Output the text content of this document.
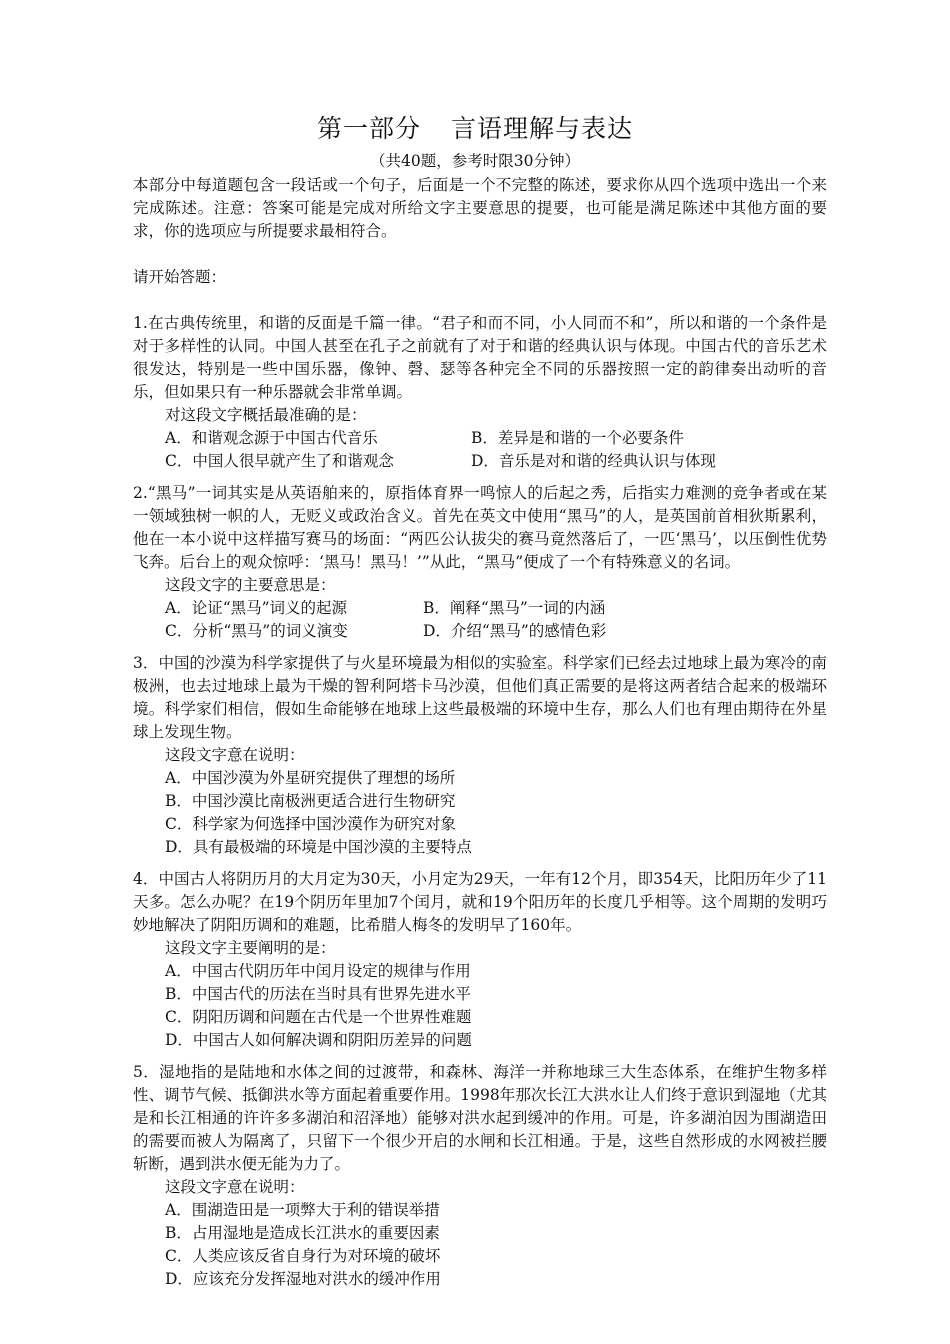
第一部分 言语理解与表达
（共40题，参考时限30分钟）

本部分中每道题包含一段话或一个句子，后面是一个不完整的陈述，要求你从四个选项中选出一个来完成陈述。注意：答案可能是完成对所给文字主要意思的提要，也可能是满足陈述中其他方面的要求，你的选项应与所提要求最相符合。

请开始答题：

1.在古典传统里，和谐的反面是千篇一律。“君子和而不同，小人同而不和”，所以和谐的一个条件是对于多样性的认同。中国人甚至在孔子之前就有了对于和谐的经典认识与体现。中国古代的音乐艺术很发达，特别是一些中国乐器，像钟、磬、瑟等各种完全不同的乐器按照一定的韵律奏出动听的音乐，但如果只有一种乐器就会非常单调。

对这段文字概括最准确的是：

A．和谐观念源于中国古代音乐	B．差异是和谐的一个必要条件
C．中国人很早就产生了和谐观念	D．音乐是对和谐的经典认识与体现

2.“黑马”一词其实是从英语舶来的，原指体育界一鸣惊人的后起之秀，后指实力难测的竞争者或在某一领域独树一帜的人，无贬义或政治含义。首先在英文中使用“黑马”的人，是英国前首相狄斯累利，他在一本小说中这样描写赛马的场面：“两匹公认拔尖的赛马竟然落后了，一匹‘黑马’，以压倒性优势飞奔。后台上的观众惊呼：‘黑马！黑马！’”从此，“黑马”便成了一个有特殊意义的名词。

这段文字的主要意思是：

A．论证“黑马”词义的起源	B．阐释“黑马”一词的内涵
C．分析“黑马”的词义演变	D．介绍“黑马”的感情色彩

3．中国的沙漠为科学家提供了与火星环境最为相似的实验室。科学家们已经去过地球上最为寒冷的南极洲，也去过地球上最为干燥的智利阿塔卡马沙漠，但他们真正需要的是将这两者结合起来的极端环境。科学家们相信，假如生命能够在地球上这些最极端的环境中生存，那么人们也有理由期待在外星球上发现生物。

这段文字意在说明：

A．中国沙漠为外星研究提供了理想的场所
B．中国沙漠比南极洲更适合进行生物研究
C．科学家为何选择中国沙漠作为研究对象
D．具有最极端的环境是中国沙漠的主要特点

4．中国古人将阴历月的大月定为30天，小月定为29天，一年有12个月，即354天，比阳历年少了11天多。怎么办呢？在19个阴历年里加7个闰月，就和19个阳历年的长度几乎相等。这个周期的发明巧妙地解决了阴阳历调和的难题，比希腊人梅冬的发明早了160年。

这段文字主要阐明的是：

A．中国古代阴历年中闰月设定的规律与作用
B．中国古代的历法在当时具有世界先进水平
C．阴阳历调和问题在古代是一个世界性难题
D．中国古人如何解决调和阴阳历差异的问题

5．湿地指的是陆地和水体之间的过渡带，和森林、海洋一并称地球三大生态体系，在维护生物多样性、调节气候、抵御洪水等方面起着重要作用。1998年那次长江大洪水让人们终于意识到湿地（尤其是和长江相通的许许多多湖泊和沼泽地）能够对洪水起到缓冲的作用。可是，许多湖泊因为围湖造田的需要而被人为隔离了，只留下一个很少开启的水闸和长江相通。于是，这些自然形成的水网被拦腰斩断，遇到洪水便无能为力了。

这段文字意在说明：

A．围湖造田是一项弊大于利的错误举措
B．占用湿地是造成长江洪水的重要因素
C．人类应该反省自身行为对环境的破坏
D．应该充分发挥湿地对洪水的缓冲作用
